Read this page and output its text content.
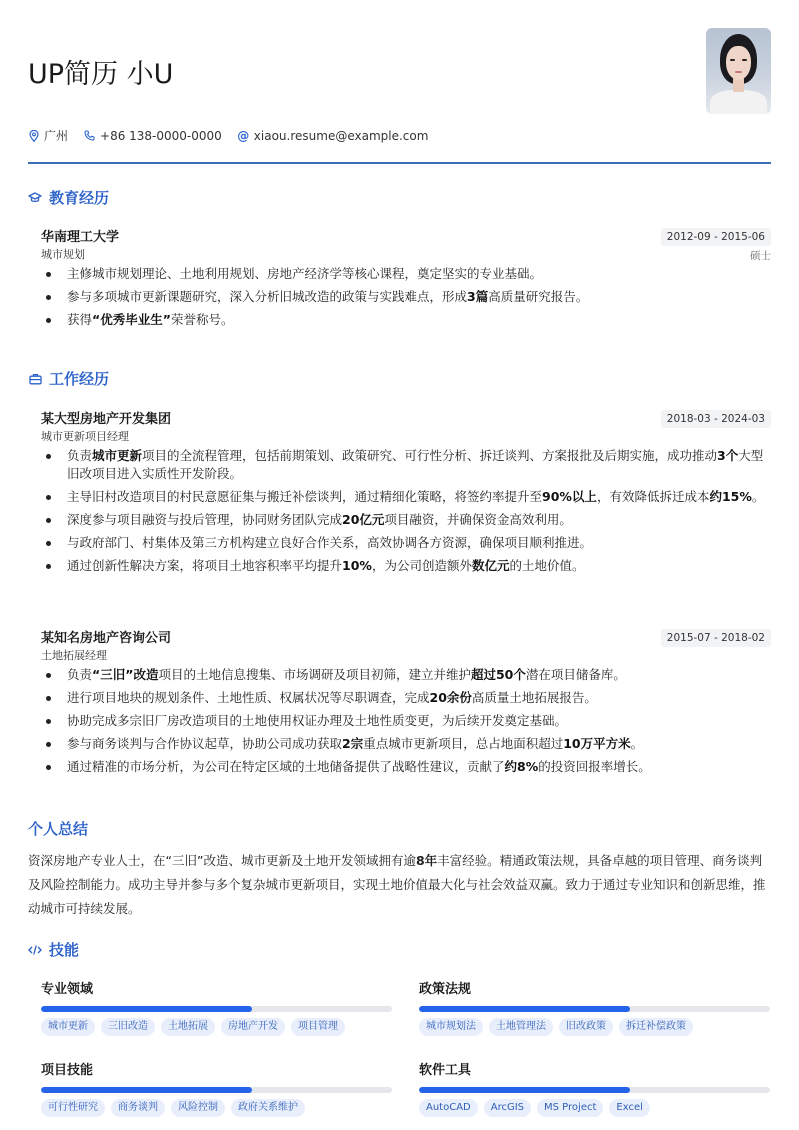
UP简历 小U
广州	+86 138-0000-0000 @ xiaou.resume@example.com
教育经历
华南理工大学
城市规划
2012-09 - 2015-06
硕士
主修城市规划理论、土地利用规划、房地产经济学等核心课程，奠定坚实的专业基础。
参与多项城市更新课题研究，深入分析旧城改造的政策与实践难点，形成3篇高质量研究报告。
获得“优秀毕业生”荣誉称号。
工作经历
某大型房地产开发集团
城市更新项目经理
2018-03 - 2024-03
负责城市更新项目的全流程管理，包括前期策划、政策研究、可行性分析、拆迁谈判、方案报批及后期实施，成功推动3个大型旧改项目进入实质性开发阶段。
主导旧村改造项目的村民意愿征集与搬迁补偿谈判，通过精细化策略，将签约率提升至90%以上，有效降低拆迁成本约15%。
深度参与项目融资与投后管理，协同财务团队完成20亿元项目融资，并确保资金高效利用。
与政府部门、村集体及第三方机构建立良好合作关系，高效协调各方资源，确保项目顺利推进。
通过创新性解决方案，将项目土地容积率平均提升10%，为公司创造额外数亿元的土地价值。
某知名房地产咨询公司
土地拓展经理
2015-07 - 2018-02
负责“三旧”改造项目的土地信息搜集、市场调研及项目初筛，建立并维护超过50个潜在项目储备库。
进行项目地块的规划条件、土地性质、权属状况等尽职调查，完成20余份高质量土地拓展报告。
协助完成多宗旧厂房改造项目的土地使用权证办理及土地性质变更，为后续开发奠定基础。
参与商务谈判与合作协议起草，协助公司成功获取2宗重点城市更新项目，总占地面积超过10万平方米。
通过精准的市场分析，为公司在特定区域的土地储备提供了战略性建议，贡献了约8%的投资回报率增长。
个人总结
资深房地产专业人士，在“三旧”改造、城市更新及土地开发领域拥有逾8年丰富经验。精通政策法规，具备卓越的项目管理、商务谈判及风险控制能力。成功主导并参与多个复杂城市更新项目，实现土地价值最大化与社会效益双赢。致力于通过专业知识和创新思维，推动城市可持续发展。
技能
专业领域
城市更新	三旧改造	土地拓展	房地产开发	项目管理
政策法规
城市规划法	土地管理法	旧改政策	拆迁补偿政策
项目技能
可行性研究	商务谈判	风险控制	政府关系维护
软件工具
AutoCAD	ArcGIS	MS Project	Excel
